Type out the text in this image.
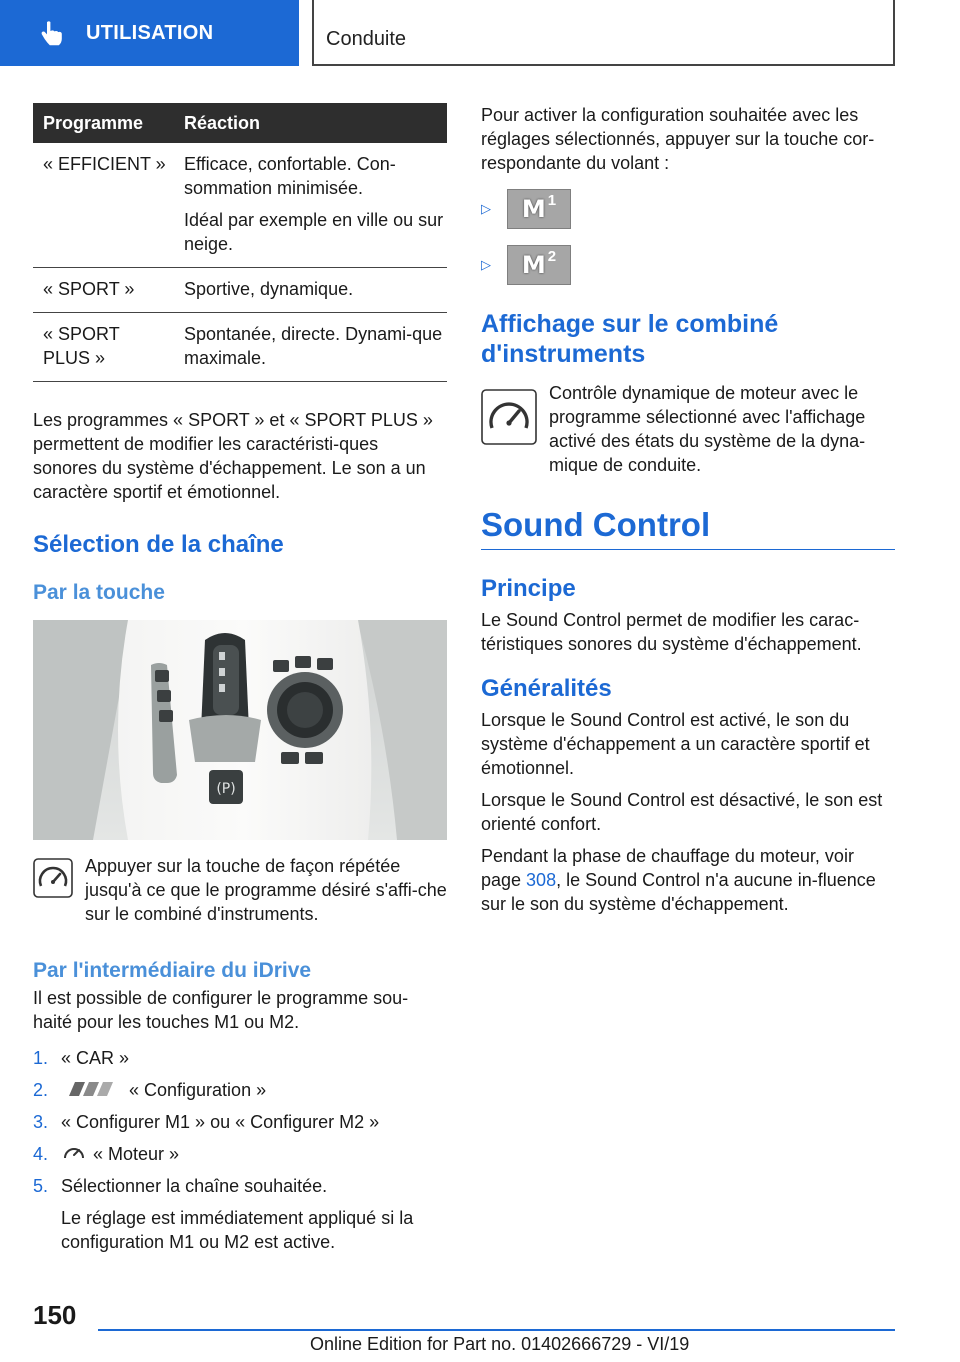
UTILISATION	Conduite
Programme	Réaction
« EFFICIENT »	Efficace, confortable. Con-sommation minimisée.

Idéal par exemple en ville ou sur neige.

« SPORT »	Sportive, dynamique.
« SPORT PLUS »	Spontanée, directe. Dynami-que maximale.

Les programmes « SPORT » et « SPORT PLUS » permettent de modifier les caractéristi-ques sonores du système d'échappement. Le son a un caractère sportif et émotionnel.

Sélection de la chaîne
Par la touche
(P)

Appuyer sur la touche de façon répétée jusqu'à ce que le programme désiré s'affi-che sur le combiné d'instruments.

Par l'intermédiaire du iDrive

Il est possible de configurer le programme sou-haité pour les touches M1 ou M2.

1. « CAR »
2.	« Configuration »
3. « Configurer M1 » ou « Configurer M2 »
4.	« Moteur »
5. Sélectionner la chaîne souhaitée.

Le réglage est immédiatement appliqué si la configuration M1 ou M2 est active.

Pour activer la configuration souhaitée avec les réglages sélectionnés, appuyer sur la touche cor-respondante du volant :

▷	M 1
▷	M 2
Affichage sur le combiné d'instruments

Contrôle dynamique de moteur avec le programme sélectionné avec l'affichage activé des états du système de la dyna-mique de conduite.

Sound Control
Principe

Le Sound Control permet de modifier les carac-téristiques sonores du système d'échappement.

Généralités

Lorsque le Sound Control est activé, le son du système d'échappement a un caractère sportif et émotionnel.

Lorsque le Sound Control est désactivé, le son est orienté confort.

Pendant la phase de chauffage du moteur, voir page 308, le Sound Control n'a aucune in-fluence sur le son du système d'échappement.

150
Online Edition for Part no. 01402666729 - VI/19
